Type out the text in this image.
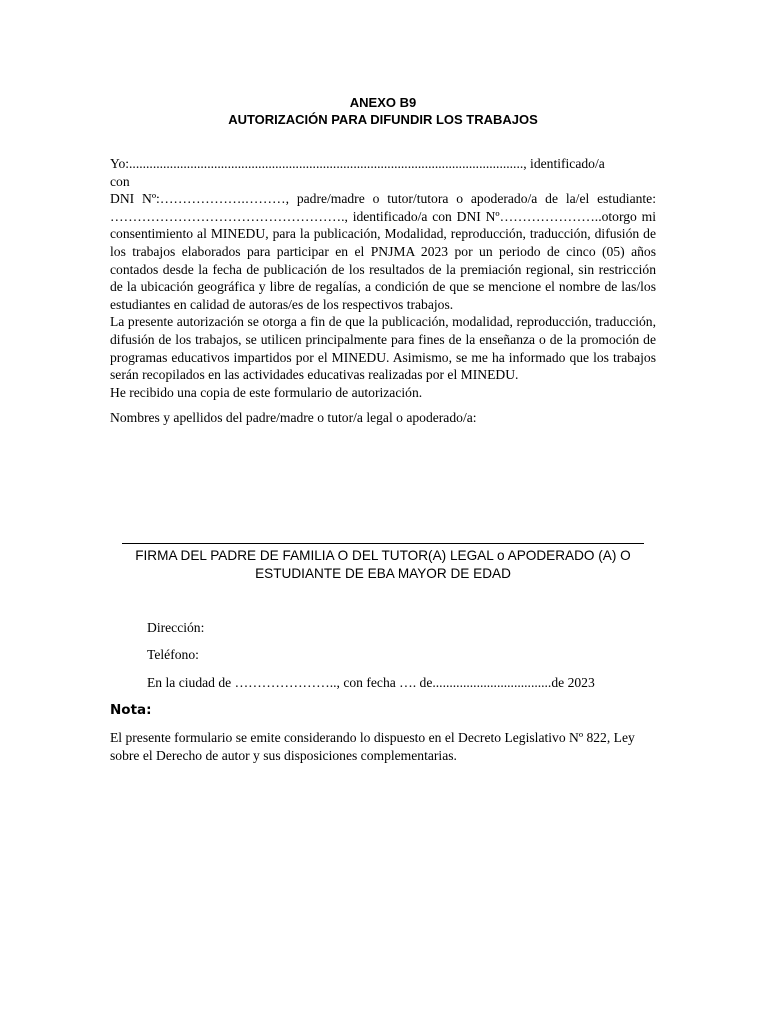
ANEXO B9

AUTORIZACIÓN PARA DIFUNDIR LOS TRABAJOS

Yo:...................................................................................................................., identificado/a

con

DNI Nº:……………….………, padre/madre o tutor/tutora o apoderado/a de la/el estudiante: ……………………………………………., identificado/a con DNI Nº…………………..otorgo mi consentimiento al MINEDU, para la publicación, Modalidad, reproducción, traducción, difusión de los trabajos elaborados para participar en el PNJMA 2023 por un periodo de cinco (05) años contados desde la fecha de publicación de los resultados de la premiación regional, sin restricción de la ubicación geográfica y libre de regalías, a condición de que se mencione el nombre de las/los estudiantes en calidad de autoras/es de los respectivos trabajos.

La presente autorización se otorga a fin de que la publicación, modalidad, reproducción, traducción, difusión de los trabajos, se utilicen principalmente para fines de la enseñanza o de la promoción de programas educativos impartidos por el MINEDU. Asimismo, se me ha informado que los trabajos serán recopilados en las actividades educativas realizadas por el MINEDU.

He recibido una copia de este formulario de autorización.

Nombres y apellidos del padre/madre o tutor/a legal o apoderado/a:

FIRMA DEL PADRE DE FAMILIA O DEL TUTOR(A) LEGAL o APODERADO (A) O

ESTUDIANTE DE EBA MAYOR DE EDAD

Dirección:

Teléfono:

En la ciudad de ………………….., con fecha …. de...................................de 2023

Nota:

El presente formulario se emite considerando lo dispuesto en el Decreto Legislativo Nº 822, Ley sobre el Derecho de autor y sus disposiciones complementarias.
